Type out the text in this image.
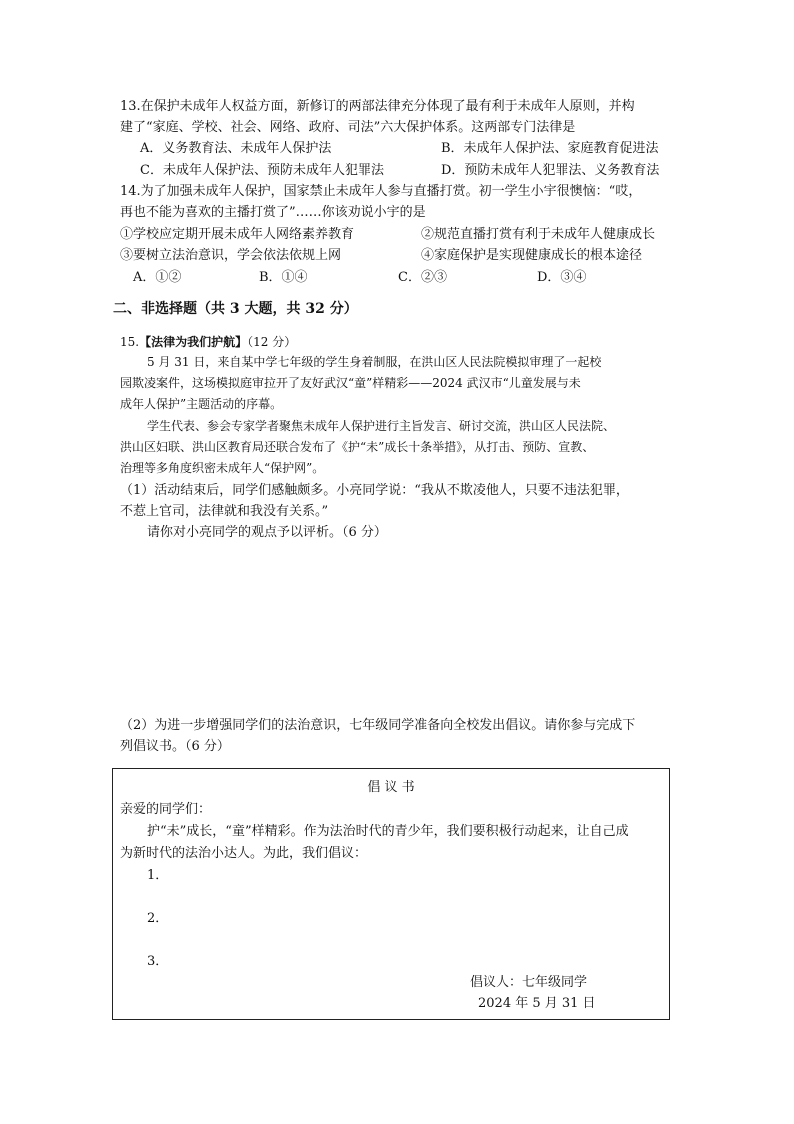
13.在保护未成年人权益方面，新修订的两部法律充分体现了最有利于未成年人原则，并构
建了“家庭、学校、社会、网络、政府、司法”六大保护体系。这两部专门法律是
A．义务教育法、未成年人保护法	B．未成年人保护法、家庭教育促进法
C．未成年人保护法、预防未成年人犯罪法	D．预防未成年人犯罪法、义务教育法
14.为了加强未成年人保护，国家禁止未成年人参与直播打赏。初一学生小宇很懊恼：“哎，
再也不能为喜欢的主播打赏了”……你该劝说小宇的是
①学校应定期开展未成年人网络素养教育	②规范直播打赏有利于未成年人健康成长
③要树立法治意识，学会依法依规上网	④家庭保护是实现健康成长的根本途径
A．①②	B．①④	C．②③	D．③④
二、非选择题（共 3 大题，共 32 分）
15.【法律为我们护航】（12 分）
5 月 31 日，来自某中学七年级的学生身着制服，在洪山区人民法院模拟审理了一起校
园欺凌案件，这场模拟庭审拉开了友好武汉“童”样精彩——2024 武汉市“儿童发展与未
成年人保护”主题活动的序幕。
学生代表、参会专家学者聚焦未成年人保护进行主旨发言、研讨交流，洪山区人民法院、
洪山区妇联、洪山区教育局还联合发布了《护“未”成长十条举措》，从打击、预防、宣教、
治理等多角度织密未成年人“保护网”。
（1）活动结束后，同学们感触颇多。小亮同学说：“我从不欺凌他人，只要不违法犯罪，
不惹上官司，法律就和我没有关系。”
请你对小亮同学的观点予以评析。（6 分）
（2）为进一步增强同学们的法治意识，七年级同学准备向全校发出倡议。请你参与完成下
列倡议书。（6 分）
倡 议 书
亲爱的同学们：
护“未”成长，“童”样精彩。作为法治时代的青少年，我们要积极行动起来，让自己成
为新时代的法治小达人。为此，我们倡议：
1．
2．
3．
倡议人：七年级同学
2024 年 5 月 31 日
